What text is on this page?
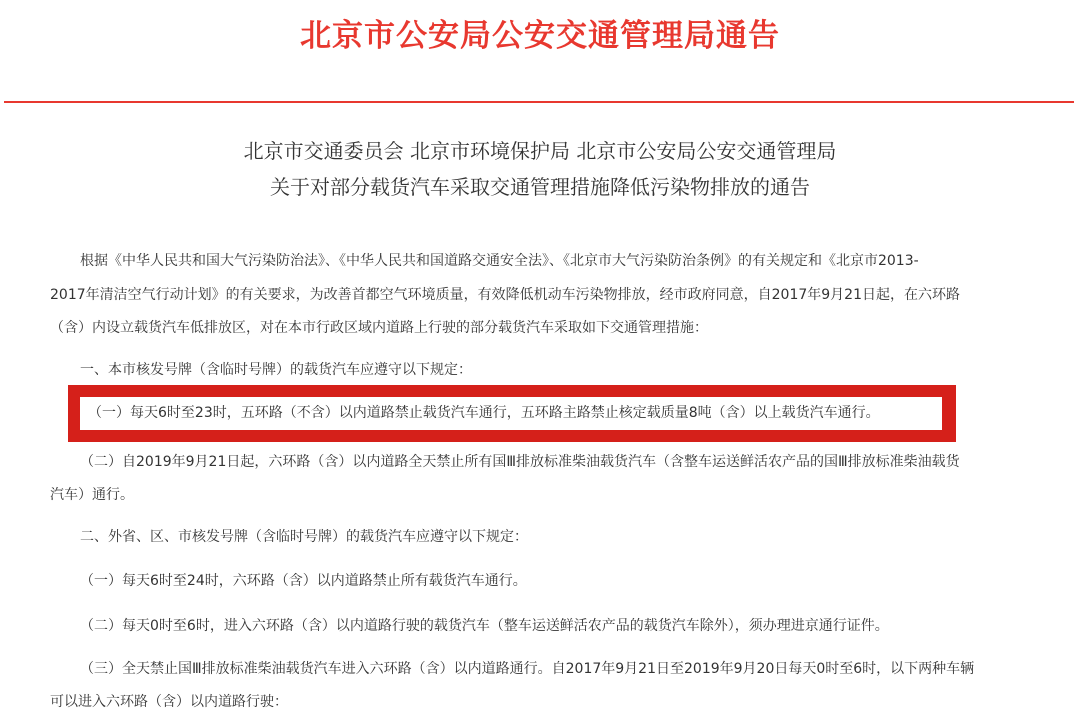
北京市公安局公安交通管理局通告
北京市交通委员会 北京市环境保护局 北京市公安局公安交通管理局
关于对部分载货汽车采取交通管理措施降低污染物排放的通告
根据《中华人民共和国大气污染防治法》、《中华人民共和国道路交通安全法》、《北京市大气污染防治条例》的有关规定和《北京市2013-
2017年清洁空气行动计划》的有关要求，为改善首都空气环境质量，有效降低机动车污染物排放，经市政府同意，自2017年9月21日起，在六环路
（含）内设立载货汽车低排放区，对在本市行政区域内道路上行驶的部分载货汽车采取如下交通管理措施：
一、本市核发号牌（含临时号牌）的载货汽车应遵守以下规定：
（一）每天6时至23时，五环路（不含）以内道路禁止载货汽车通行，五环路主路禁止核定载质量8吨（含）以上载货汽车通行。
（二）自2019年9月21日起，六环路（含）以内道路全天禁止所有国Ⅲ排放标准柴油载货汽车（含整车运送鲜活农产品的国Ⅲ排放标准柴油载货
汽车）通行。
二、外省、区、市核发号牌（含临时号牌）的载货汽车应遵守以下规定：
（一）每天6时至24时，六环路（含）以内道路禁止所有载货汽车通行。
（二）每天0时至6时，进入六环路（含）以内道路行驶的载货汽车（整车运送鲜活农产品的载货汽车除外），须办理进京通行证件。
（三）全天禁止国Ⅲ排放标准柴油载货汽车进入六环路（含）以内道路通行。自2017年9月21日至2019年9月20日每天0时至6时，以下两种车辆
可以进入六环路（含）以内道路行驶：
